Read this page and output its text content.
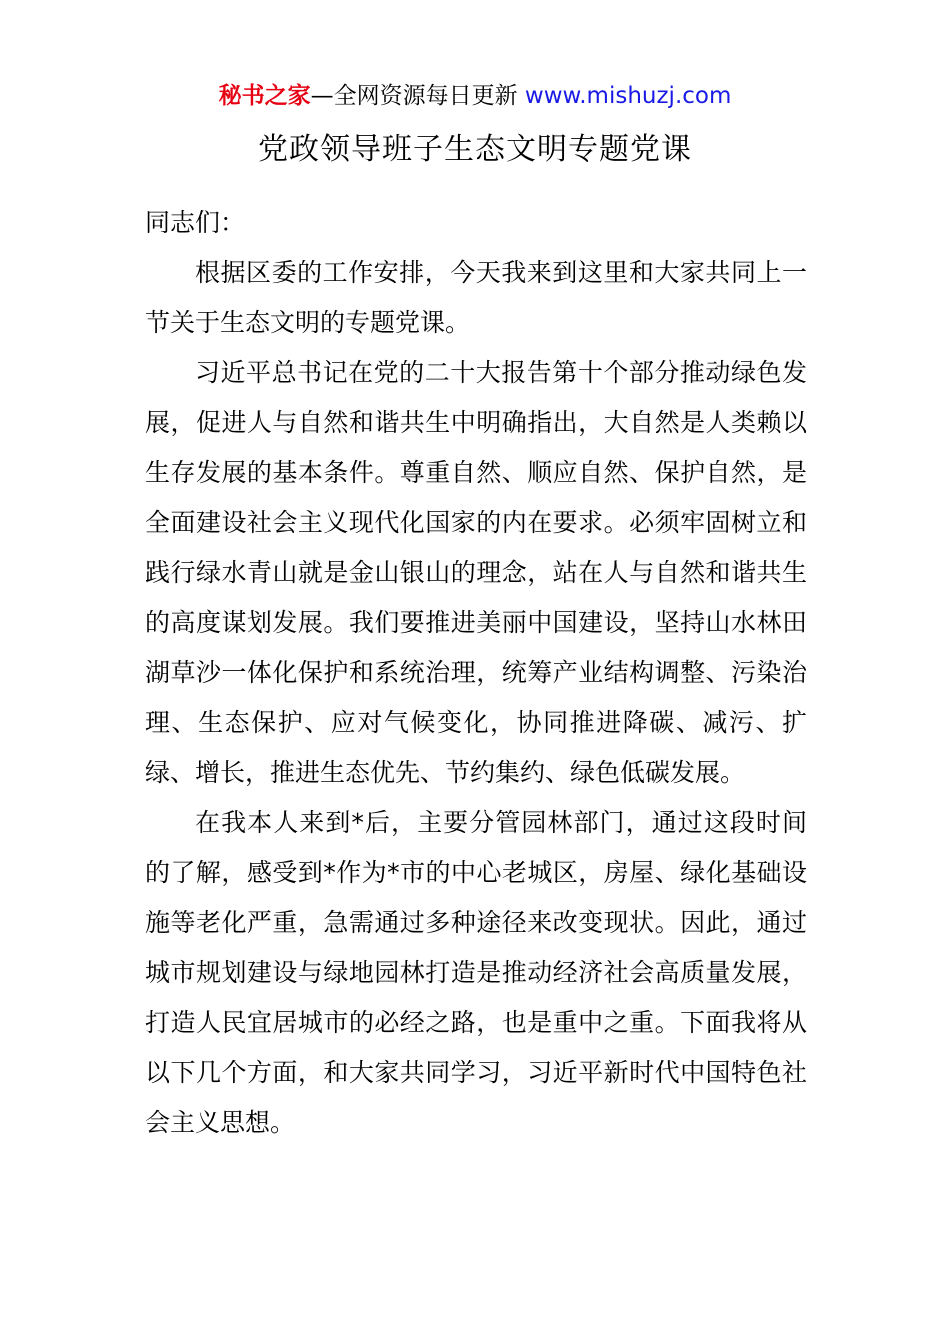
秘书之家—全网资源每日更新 www.mishuzj.com
党政领导班子生态文明专题党课

同志们：

根据区委的工作安排，今天我来到这里和大家共同上一节关于生态文明的专题党课。

习近平总书记在党的二十大报告第十个部分推动绿色发展，促进人与自然和谐共生中明确指出，大自然是人类赖以生存发展的基本条件。尊重自然、顺应自然、保护自然，是全面建设社会主义现代化国家的内在要求。必须牢固树立和践行绿水青山就是金山银山的理念，站在人与自然和谐共生的高度谋划发展。我们要推进美丽中国建设，坚持山水林田湖草沙一体化保护和系统治理，统筹产业结构调整、污染治理、生态保护、应对气候变化，协同推进降碳、减污、扩绿、增长，推进生态优先、节约集约、绿色低碳发展。

在我本人来到*后，主要分管园林部门，通过这段时间的了解，感受到*作为*市的中心老城区，房屋、绿化基础设施等老化严重，急需通过多种途径来改变现状。因此，通过城市规划建设与绿地园林打造是推动经济社会高质量发展，打造人民宜居城市的必经之路，也是重中之重。下面我将从以下几个方面，和大家共同学习，习近平新时代中国特色社会主义思想。
